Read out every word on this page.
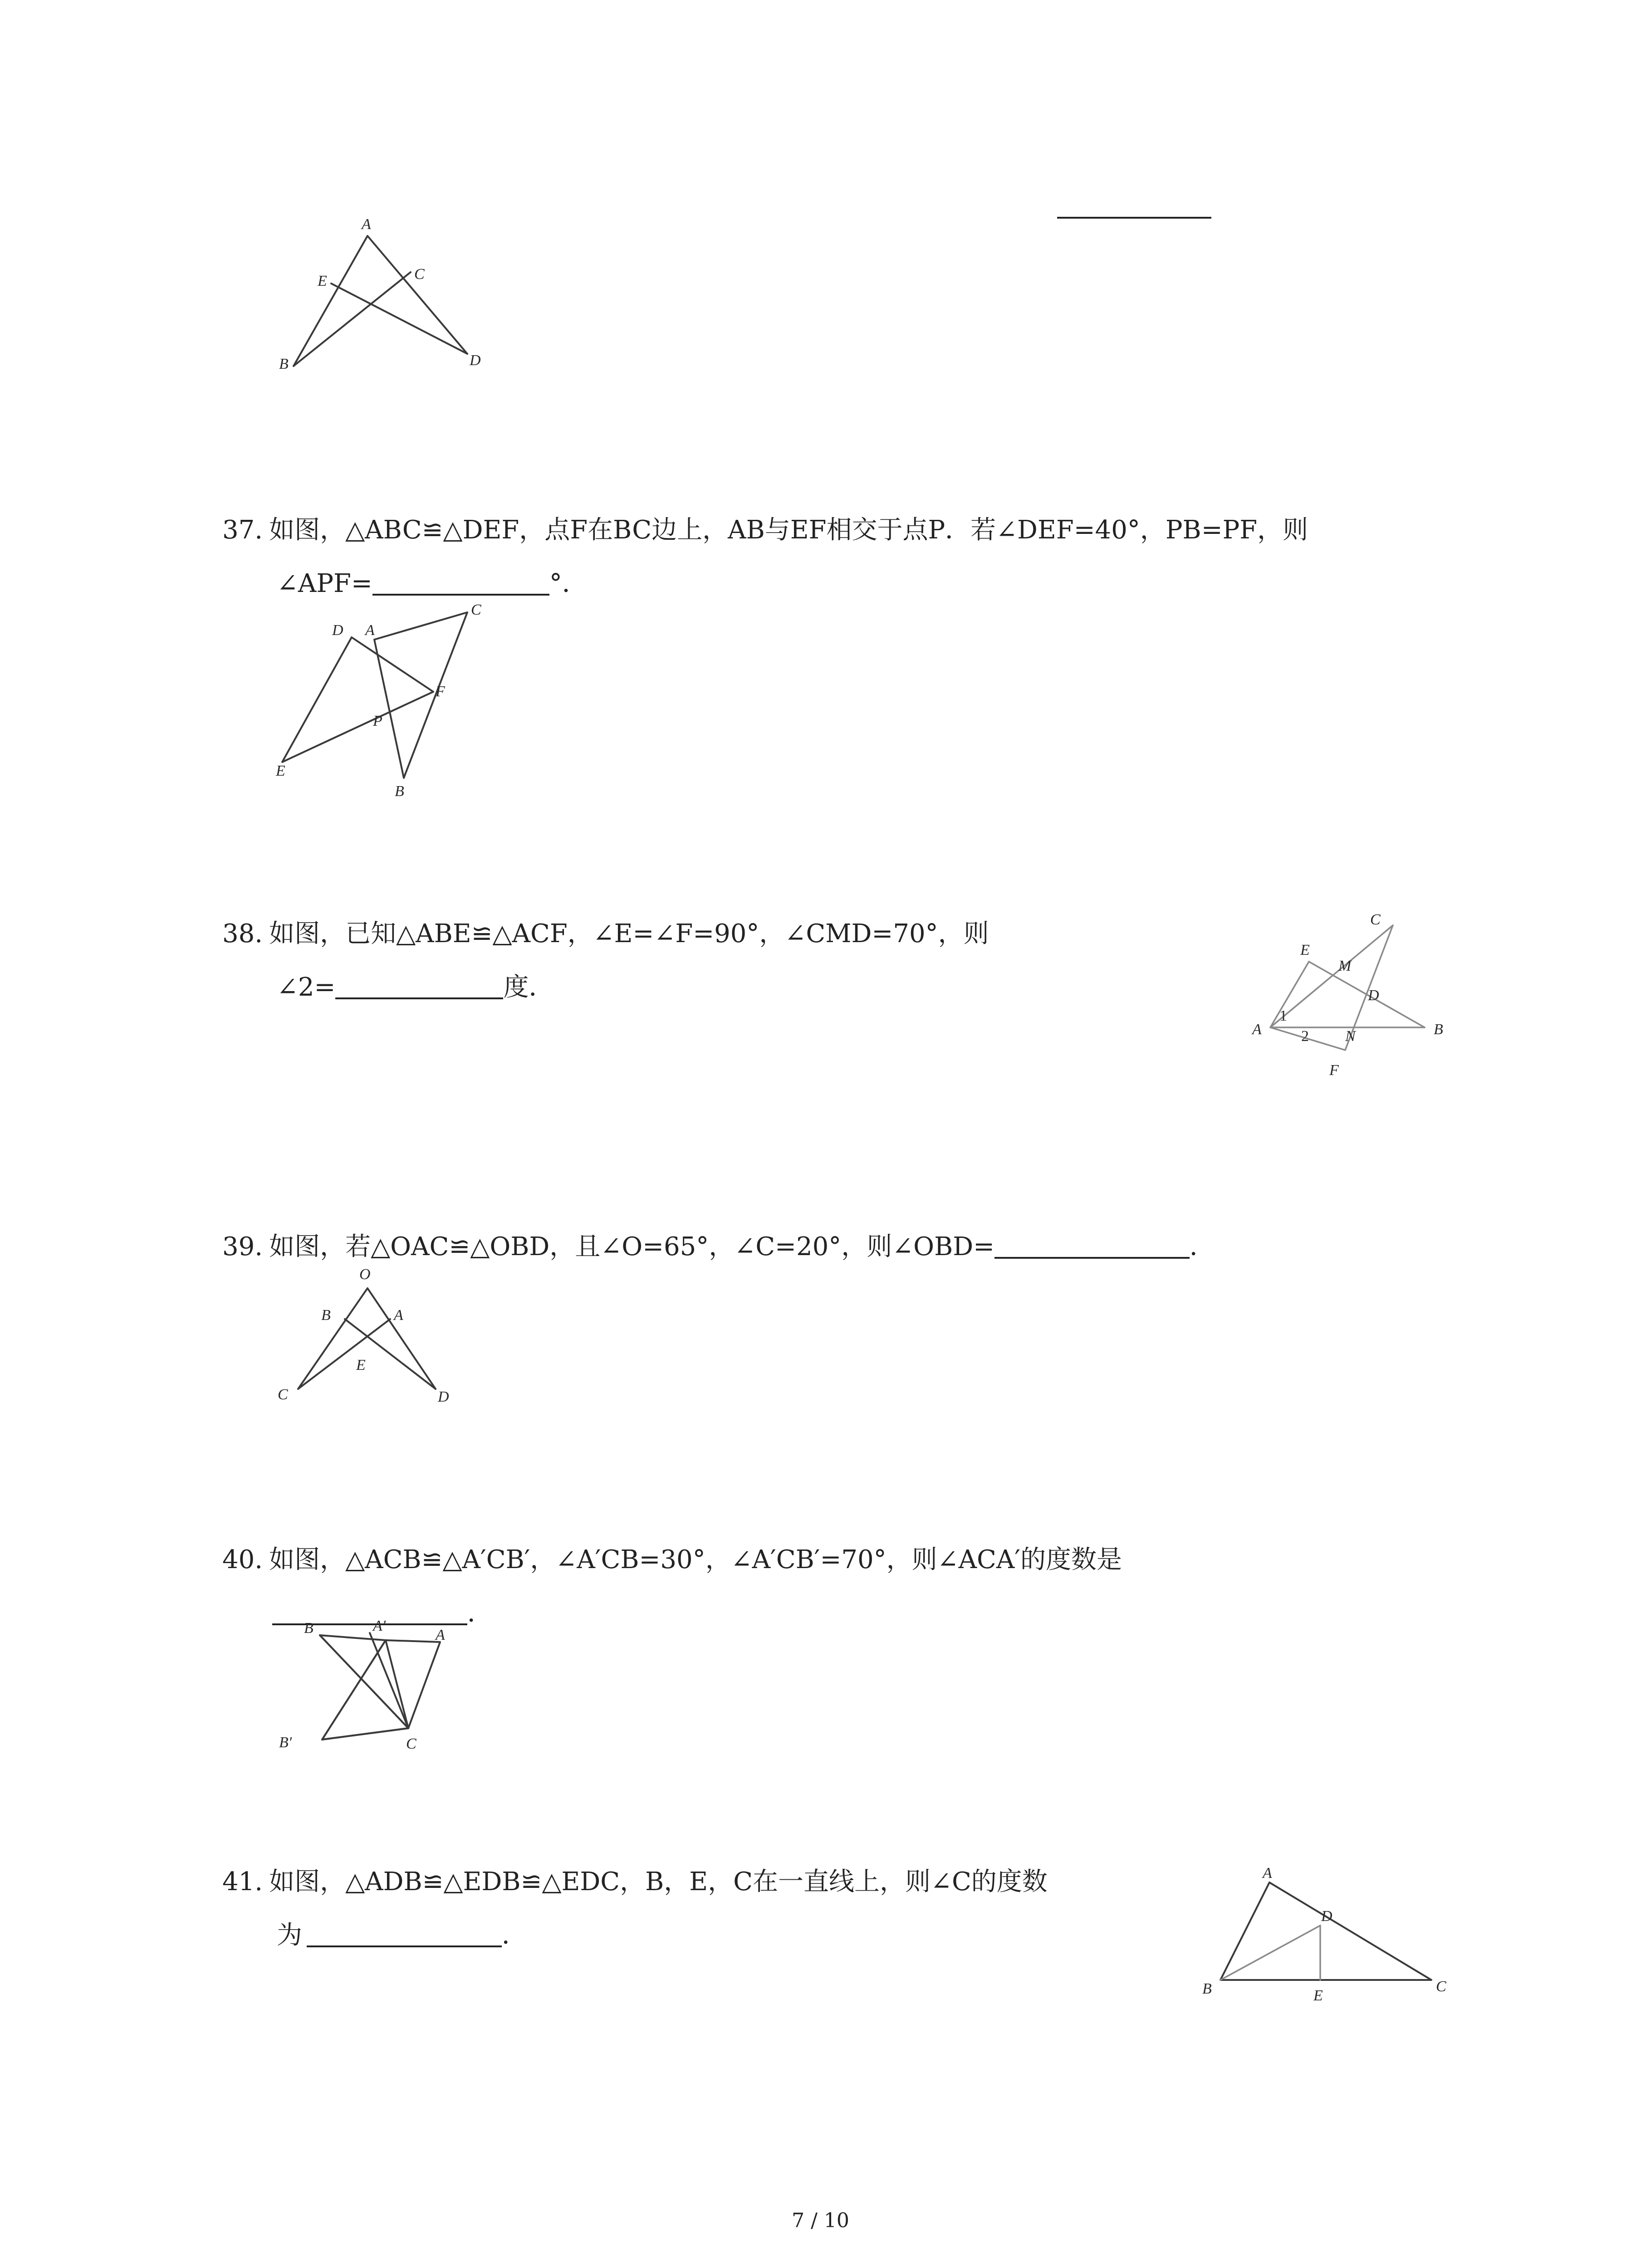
A
B
C
D
E
37. 如图，△ABC≌△DEF，点F在BC边上，AB与EF相交于点P．若∠DEF=40°，PB=PF，则
∠APF=	°．
D A
C
F
P
E
B
38. 如图，已知△ABE≌△ACF，∠E=∠F=90°，∠CMD=70°，则
∠2=	度．
C
E
M
D
A
1
2 N	B
F
39. 如图，若△OAC≌△OBD，且∠O=65°，∠C=20°，则∠OBD=	．
O
B	A
E
C	D
40. 如图，△ACB≌△A′CB′，∠A′CB=30°，∠A′CB′=70°，则∠ACA′的度数是
．
B	A′
A
B′	C
41. 如图，△ADB≌△EDB≌△EDC，B，E，C在一直线上，则∠C的度数
为	．
A
D
B	E
C
7 / 10
